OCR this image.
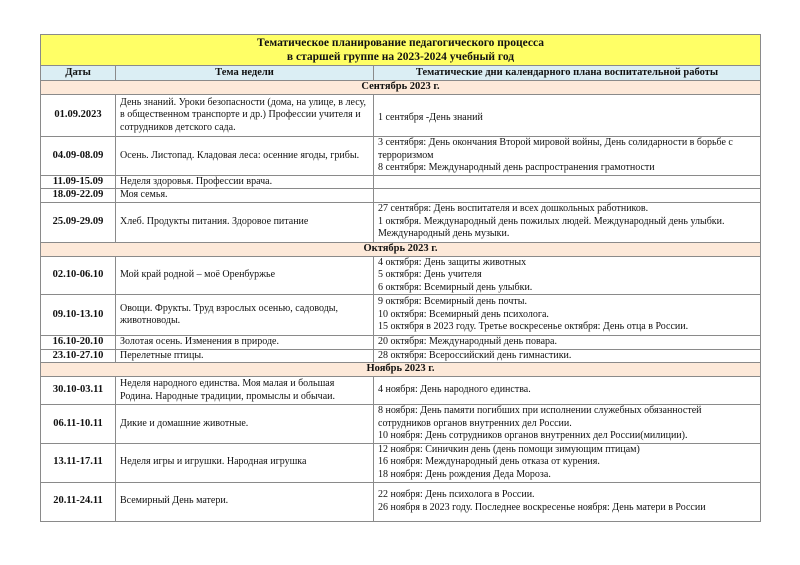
Тематическое планирование педагогического процесса
в старшей группе на 2023-2024 учебный год		

Даты	Тема недели	Тематические дни календарного плана воспитательной работы
Сентябрь 2023 г.		
01.09.2023	День знаний. Уроки безопасности (дома, на улице, в лесу, в общественном транспорте и др.) Профессии учителя и сотрудников детского сада.	1 сентября -День знаний

04.09-08.09	Осень. Листопад. Кладовая леса: осенние ягоды, грибы.	3 сентября: День окончания Второй мировой войны, День солидарности в борьбе с терроризмом
8 сентября: Международный день распространения грамотности

11.09-15.09	Неделя здоровья. Профессии врача.	
18.09-22.09	Моя семья.	
25.09-29.09	Хлеб. Продукты питания. Здоровое питание	27 сентября: День воспитателя и всех дошкольных работников.
1 октября. Международный день пожилых людей. Международный день улыбки. Международный день музыки.

Октябрь 2023 г.		
02.10-06.10	Мой край родной – моё Оренбуржье	4 октября: День защиты животных
5 октября: День учителя
6 октября: Всемирный день улыбки.

09.10-13.10	Овощи. Фрукты. Труд взрослых осенью, садоводы, животноводы.	9 октября: Всемирный день почты.
10 октября: Всемирный день психолога.
15 октября в 2023 году. Третье воскресенье октября: День отца в России.

16.10-20.10	Золотая осень. Изменения в природе.	20 октября: Международный день повара.

23.10-27.10	Перелетные птицы.	28 октября: Всероссийский день гимнастики.

Ноябрь 2023 г.		
30.10-03.11	Неделя народного единства. Моя малая и большая Родина. Народные традиции, промыслы и обычаи.	4 ноября: День народного единства.

06.11-10.11	Дикие и домашние животные.	8 ноября: День памяти погибших при исполнении служебных обязанностей сотрудников органов внутренних дел России.
10 ноября: День сотрудников органов внутренних дел России(милиции).

13.11-17.11	Неделя игры и игрушки. Народная игрушка	12 ноября: Синичкин день (день помощи зимующим птицам)
16 ноября: Международный день отказа от курения.
18 ноября: День рождения Деда Мороза.

20.11-24.11	Всемирный День матери.	22 ноября: День психолога в России.
26 ноября в 2023 году. Последнее воскресенье ноября: День матери в России
